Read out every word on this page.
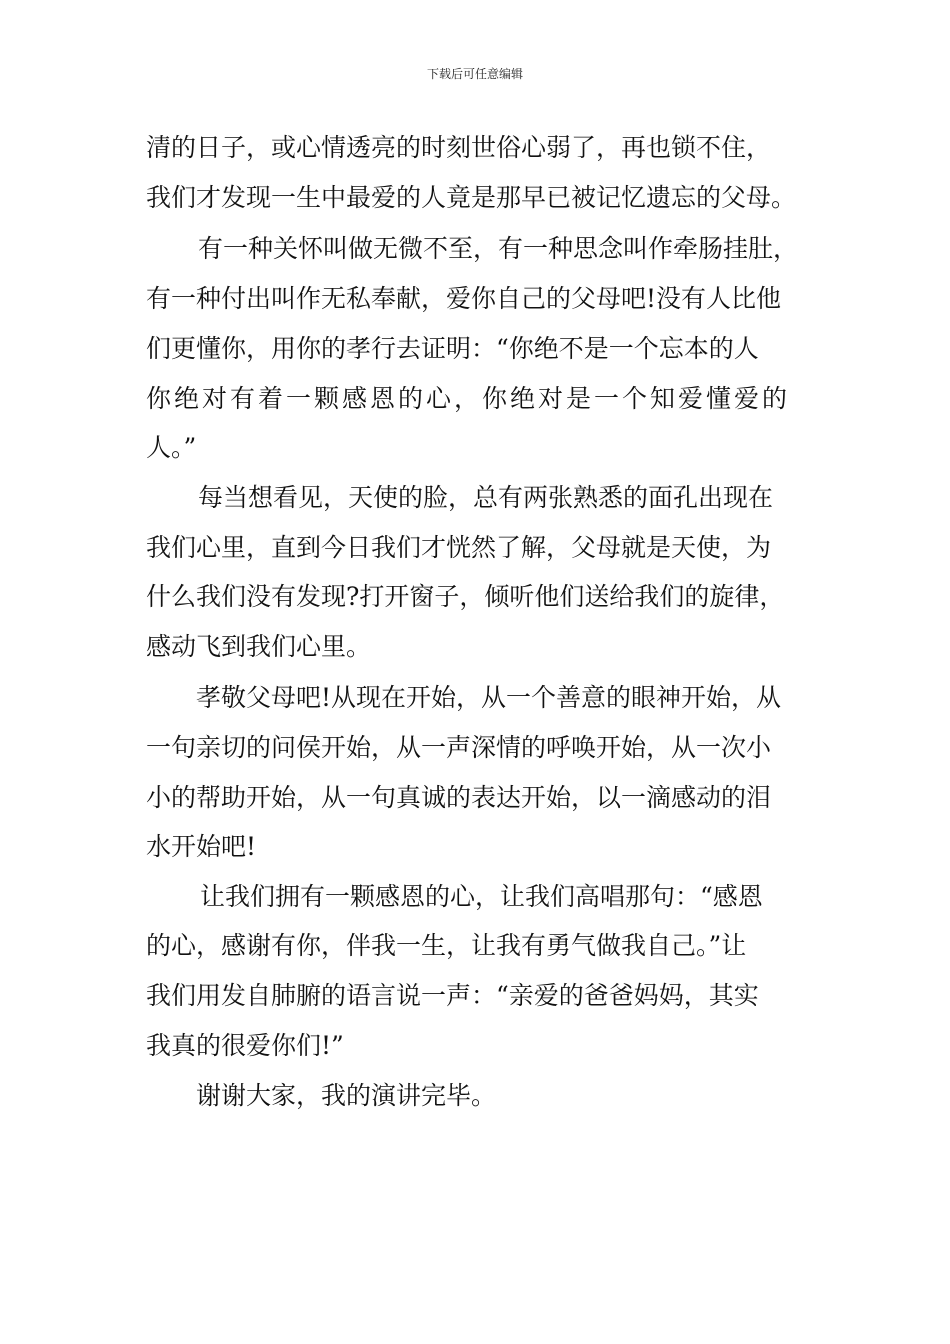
下载后可任意编辑
清的日子，或心情透亮的时刻世俗心弱了，再也锁不住，
我们才发现一生中最爱的人竟是那早已被记忆遗忘的父母。
有一种关怀叫做无微不至，有一种思念叫作牵肠挂肚，
有一种付出叫作无私奉献，爱你自己的父母吧!没有人比他
们更懂你，用你的孝行去证明：“你绝不是一个忘本的人
你绝对有着一颗感恩的心，你绝对是一个知爱懂爱的
人。”
每当想看见，天使的脸，总有两张熟悉的面孔出现在
我们心里，直到今日我们才恍然了解，父母就是天使，为
什么我们没有发现?打开窗子，倾听他们送给我们的旋律，
感动飞到我们心里。
孝敬父母吧!从现在开始，从一个善意的眼神开始，从
一句亲切的问侯开始，从一声深情的呼唤开始，从一次小
小的帮助开始，从一句真诚的表达开始，以一滴感动的泪
水开始吧!
让我们拥有一颗感恩的心，让我们高唱那句：“感恩
的心，感谢有你，伴我一生，让我有勇气做我自己。”让
我们用发自肺腑的语言说一声：“亲爱的爸爸妈妈，其实
我真的很爱你们!”
谢谢大家，我的演讲完毕。
